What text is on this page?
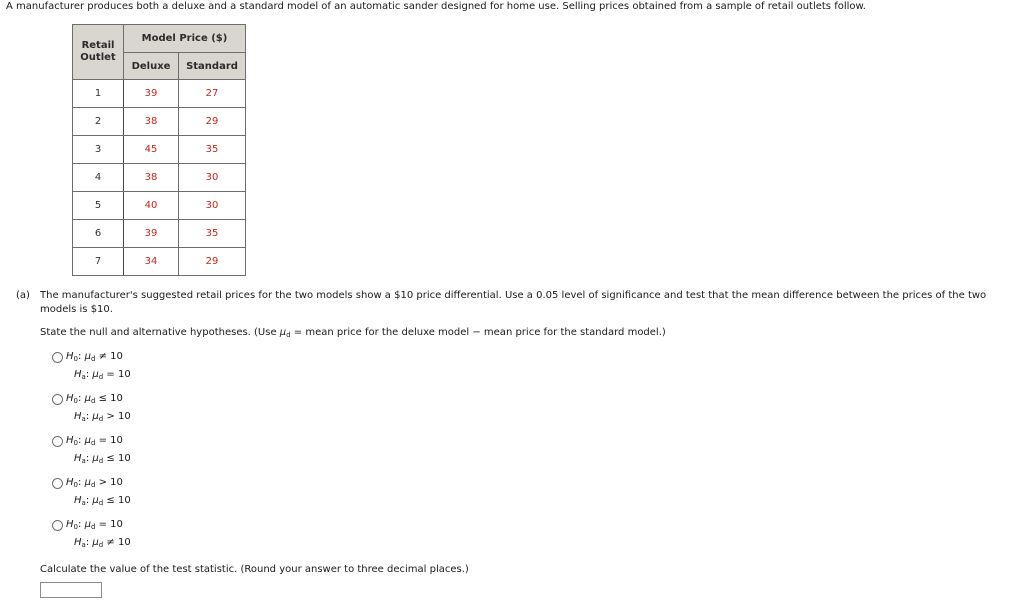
A manufacturer produces both a deluxe and a standard model of an automatic sander designed for home use. Selling prices obtained from a sample of retail outlets follow.
Retail
Outlet	Model Price ($)	
	Deluxe	Standard
1	39	27
2	38	29
3	45	35
4	38	30
5	40	30
6	39	35
7	34	29
(a) The manufacturer's suggested retail prices for the two models show a $10 price differential. Use a 0.05 level of significance and test that the mean difference between the prices of the two models is $10.
State the null and alternative hypotheses. (Use $\mu_d$ = mean price for the deluxe model − mean price for the standard model.)
$H_0$: $\mu_d \ne 10$
$H_a$: $\mu_d = 10$
$H_0$: $\mu_d \le 10$
$H_a$: $\mu_d > 10$
$H_0$: $\mu_d = 10$
$H_a$: $\mu_d \le 10$
$H_0$: $\mu_d > 10$
$H_a$: $\mu_d \le 10$
$H_0$: $\mu_d = 10$
$H_a$: $\mu_d \ne 10$
Calculate the value of the test statistic. (Round your answer to three decimal places.)
